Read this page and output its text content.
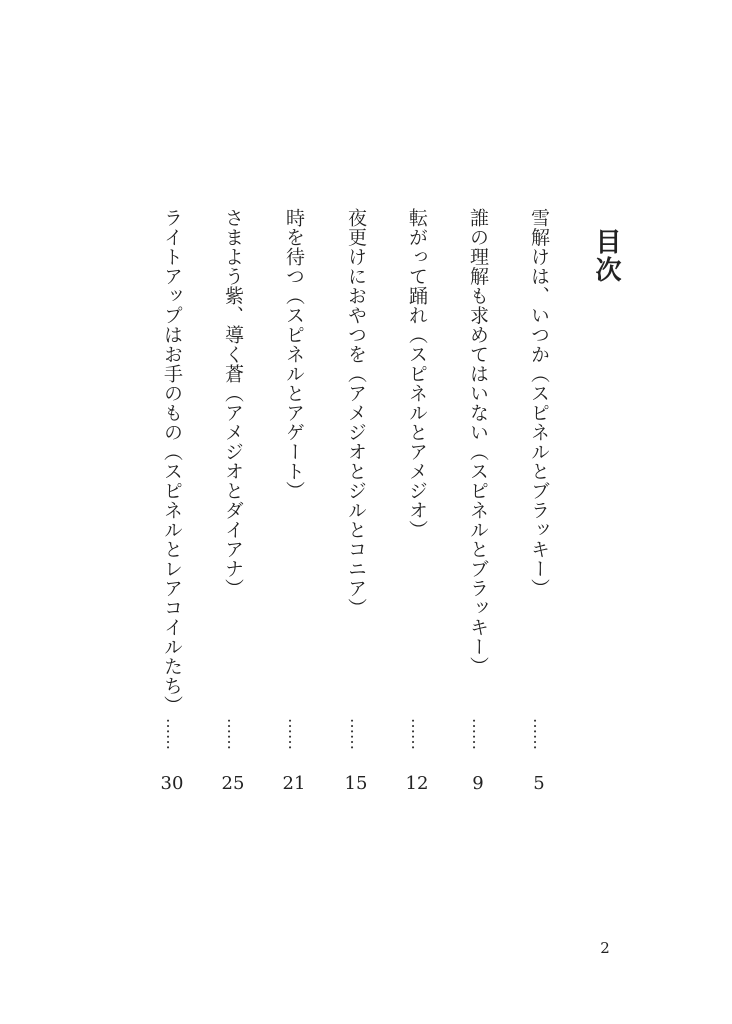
目次
雪解けは、いつか（スピネルとブラッキー）
……
5
誰の理解も求めてはいない（スピネルとブラッキー）
……
9
転がって踊れ（スピネルとアメジオ）
……
12
夜更けにおやつを（アメジオとジルとコニア）
……
15
時を待つ（スピネルとアゲート）
……
21
さまよう紫、導く蒼（アメジオとダイアナ）
……
25
ライトアップはお手のもの（スピネルとレアコイルたち）
……
30
2
